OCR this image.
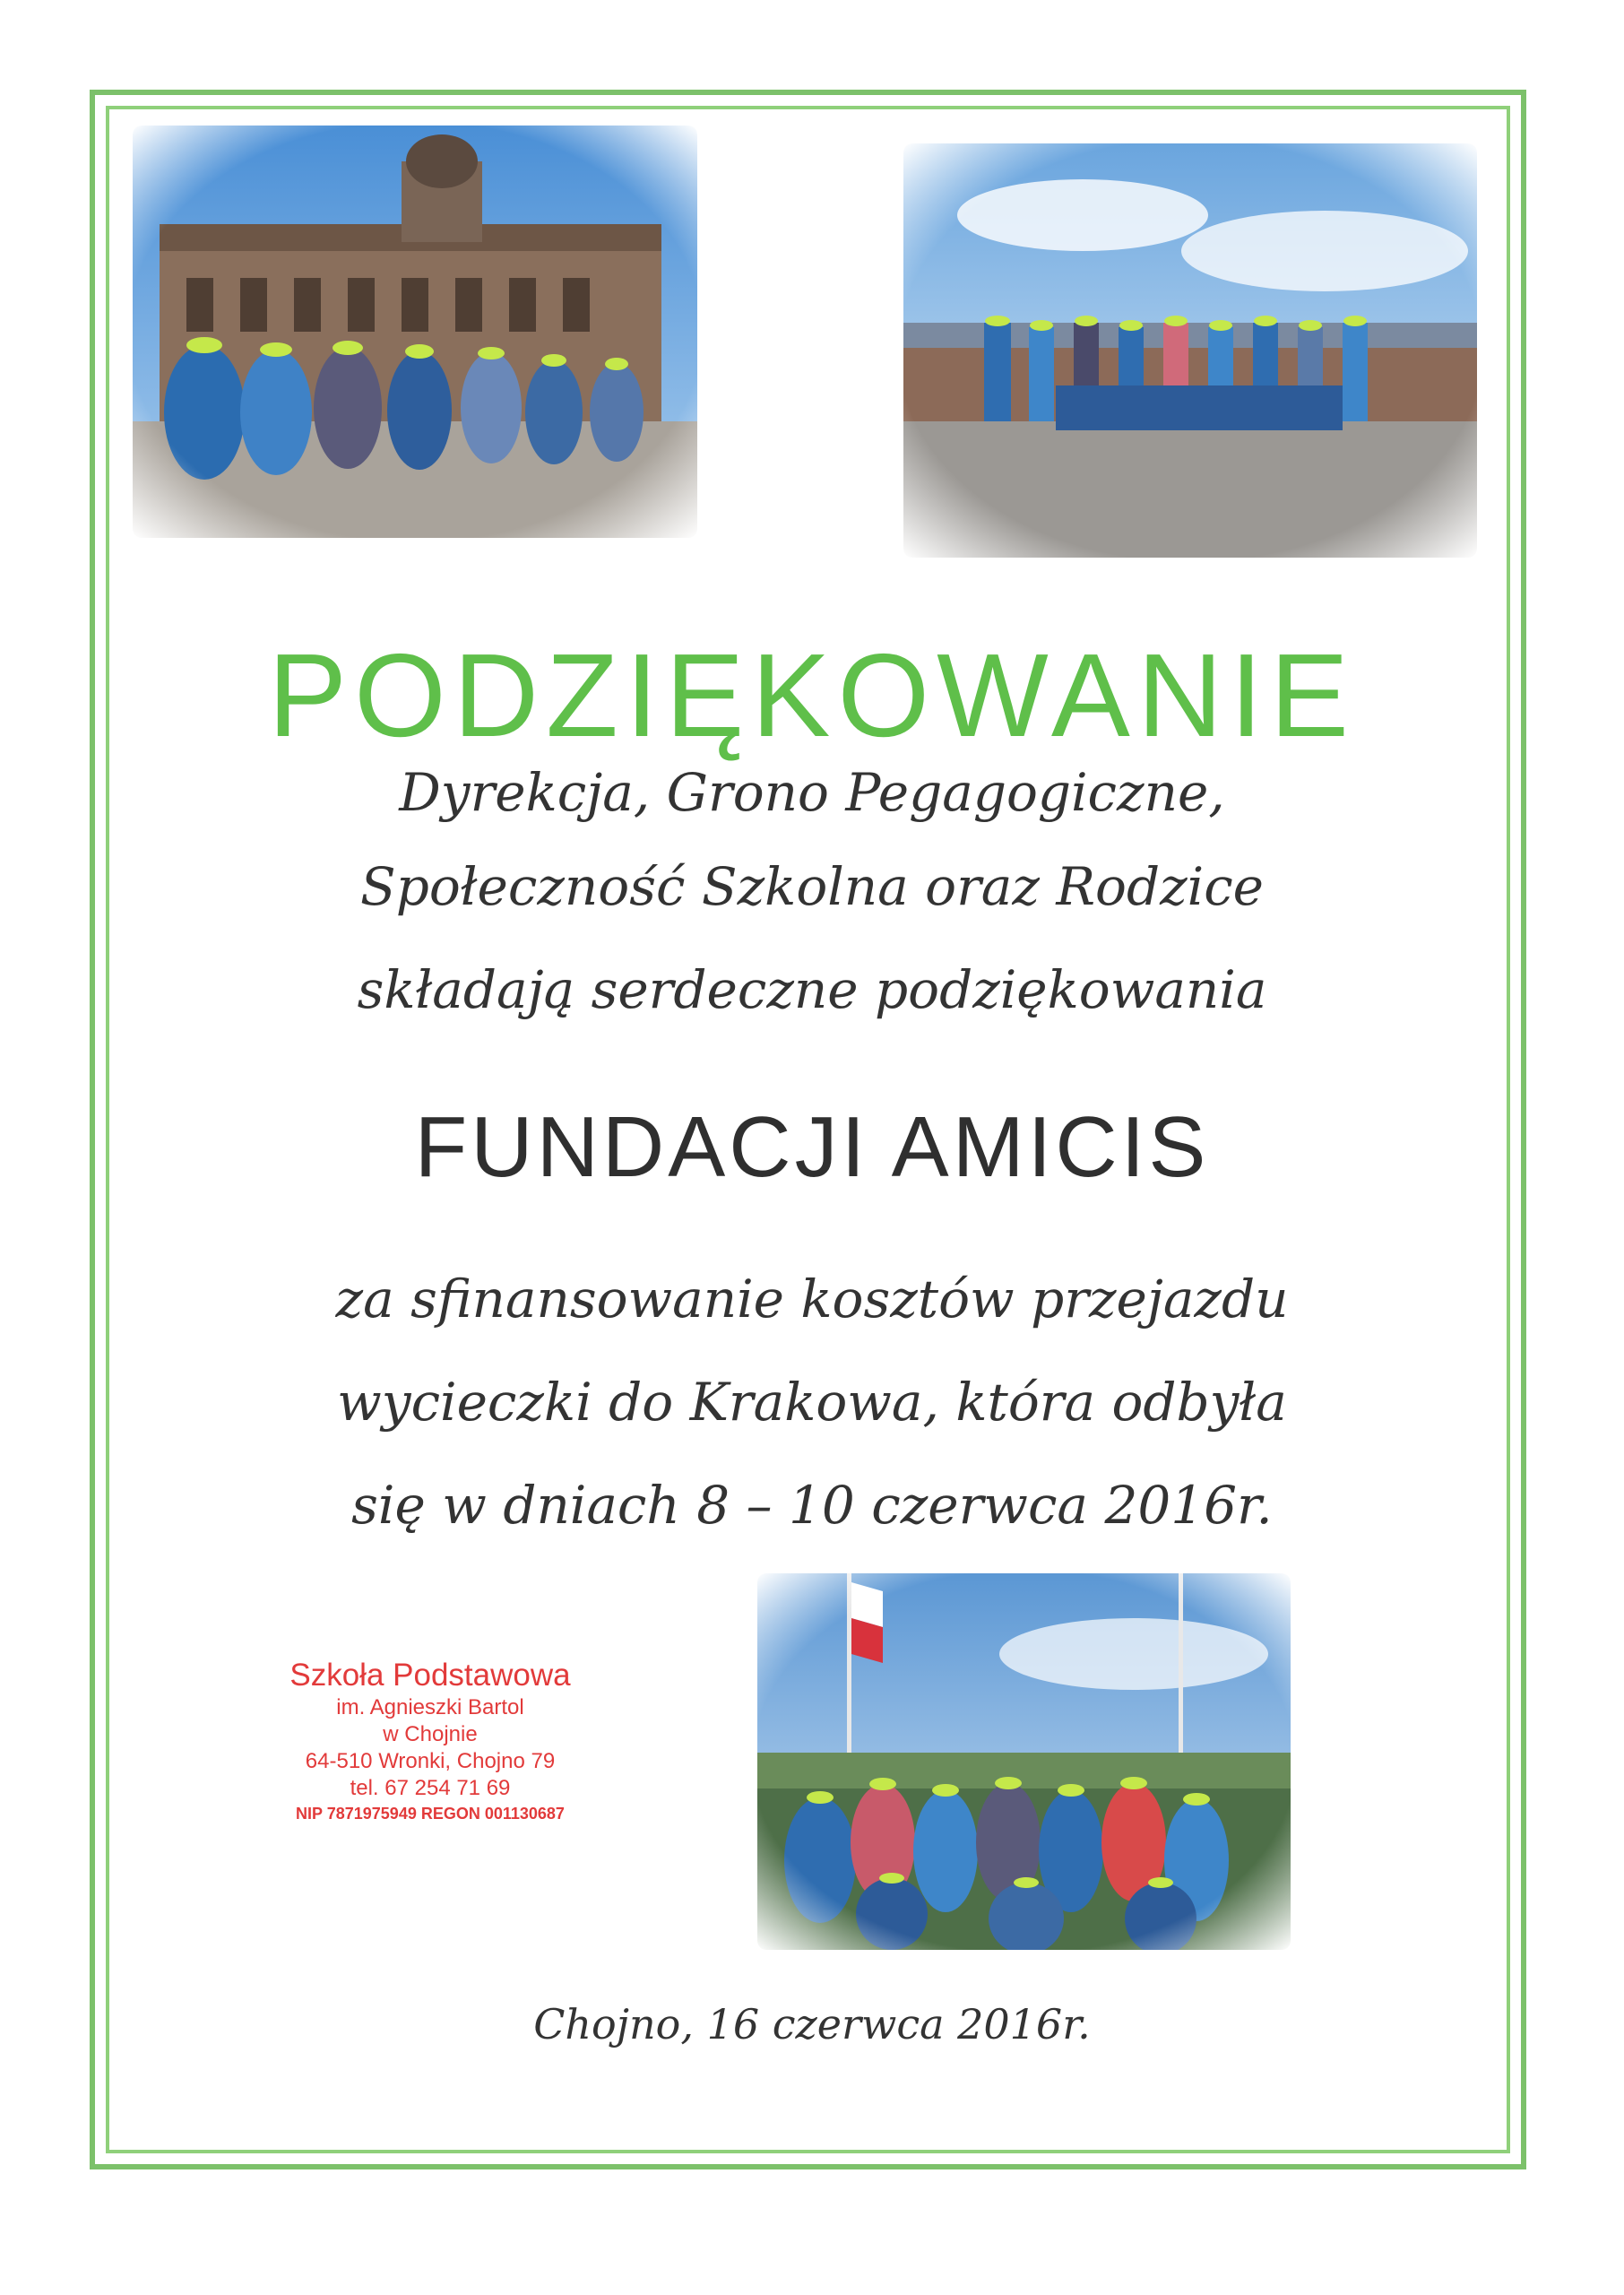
PODZIĘKOWANIE
Dyrekcja, Grono Pegagogiczne,
Społeczność Szkolna oraz Rodzice
składają serdeczne podziękowania
FUNDACJI AMICIS
za sfinansowanie kosztów przejazdu
wycieczki do Krakowa, która odbyła
się w dniach 8 – 10 czerwca 2016r.
Szkoła Podstawowa
im. Agnieszki Bartol
w Chojnie
64-510 Wronki, Chojno 79
tel. 67 254 71 69
NIP 7871975949 REGON 001130687
Chojno, 16 czerwca 2016r.
